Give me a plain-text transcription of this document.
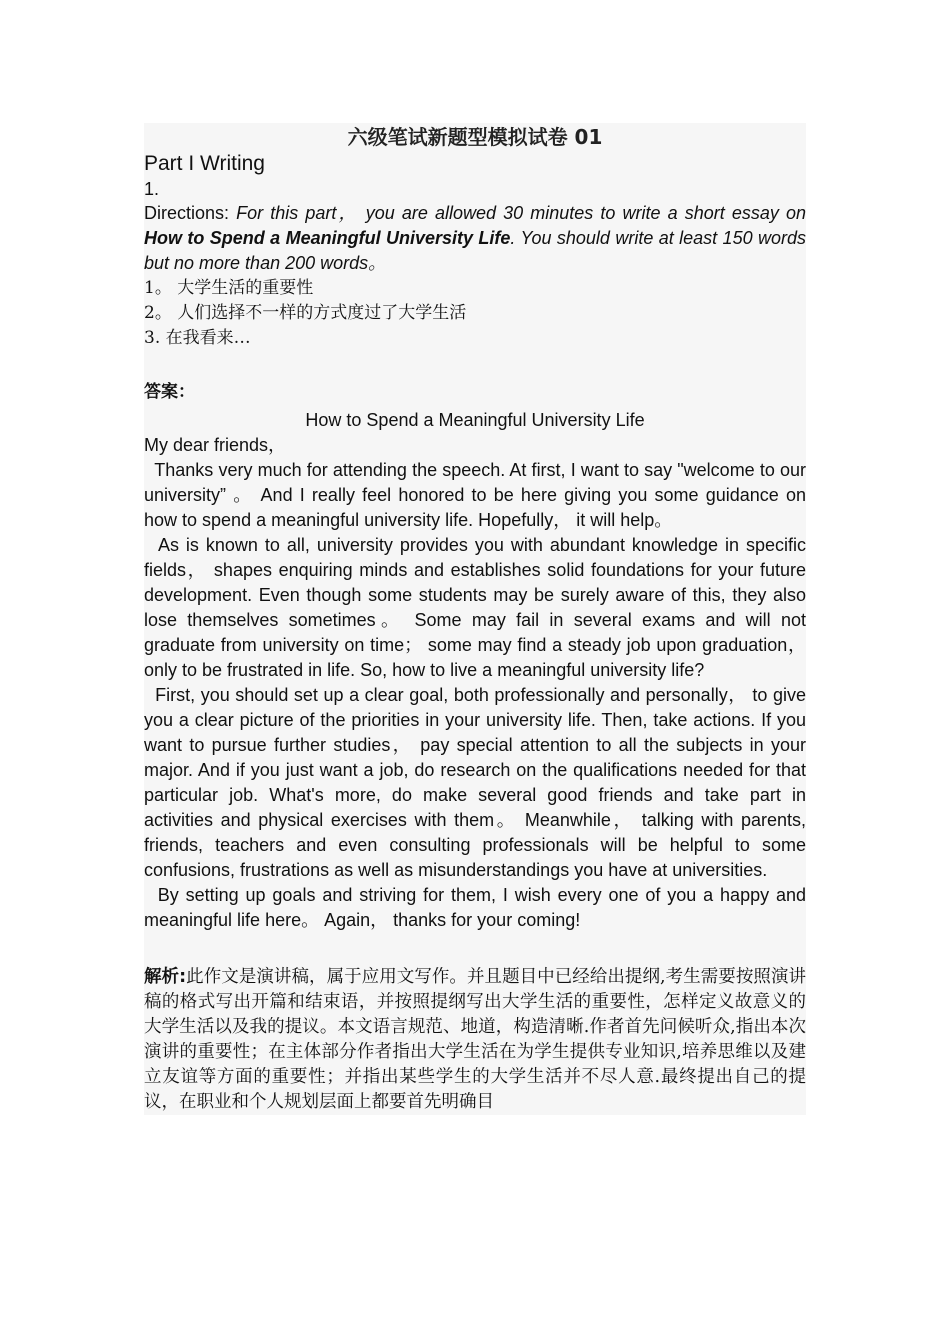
六级笔试新题型模拟试卷 01
Part I Writing
1.
Directions: For this part， you are allowed 30 minutes to write a short essay on How to Spend a Meaningful University Life. You should write at least 150 words but no more than 200 words。
1。 大学生活的重要性
2。 人们选择不一样的方式度过了大学生活
3. 在我看来…
答案：
How to Spend a Meaningful University Life
My dear friends，
Thanks very much for attending the speech. At first, I want to say "welcome to our university” 。 And I really feel honored to be here giving you some guidance on how to spend a meaningful university life. Hopefully， it will help。
As is known to all, university provides you with abundant knowledge in specific fields， shapes enquiring minds and establishes solid foundations for your future development. Even though some students may be surely aware of this, they also lose themselves sometimes。 Some may fail in several exams and will not graduate from university on time； some may find a steady job upon graduation， only to be frustrated in life. So, how to live a meaningful university life?
First, you should set up a clear goal, both professionally and personally， to give you a clear picture of the priorities in your university life. Then, take actions. If you want to pursue further studies， pay special attention to all the subjects in your major. And if you just want a job, do research on the qualifications needed for that particular job. What's more, do make several good friends and take part in activities and physical exercises with them。 Meanwhile， talking with parents, friends, teachers and even consulting professionals will be helpful to some confusions, frustrations as well as misunderstandings you have at universities.
By setting up goals and striving for them, I wish every one of you a happy and meaningful life here。 Again， thanks for your coming!
解析:此作文是演讲稿，属于应用文写作。并且题目中已经给出提纲,考生需要按照演讲稿的格式写出开篇和结束语，并按照提纲写出大学生活的重要性，怎样定义故意义的大学生活以及我的提议。本文语言规范、地道，构造清晰.作者首先问候听众,指出本次演讲的重要性；在主体部分作者指出大学生活在为学生提供专业知识,培养思维以及建立友谊等方面的重要性；并指出某些学生的大学生活并不尽人意.最终提出自己的提议，在职业和个人规划层面上都要首先明确目
